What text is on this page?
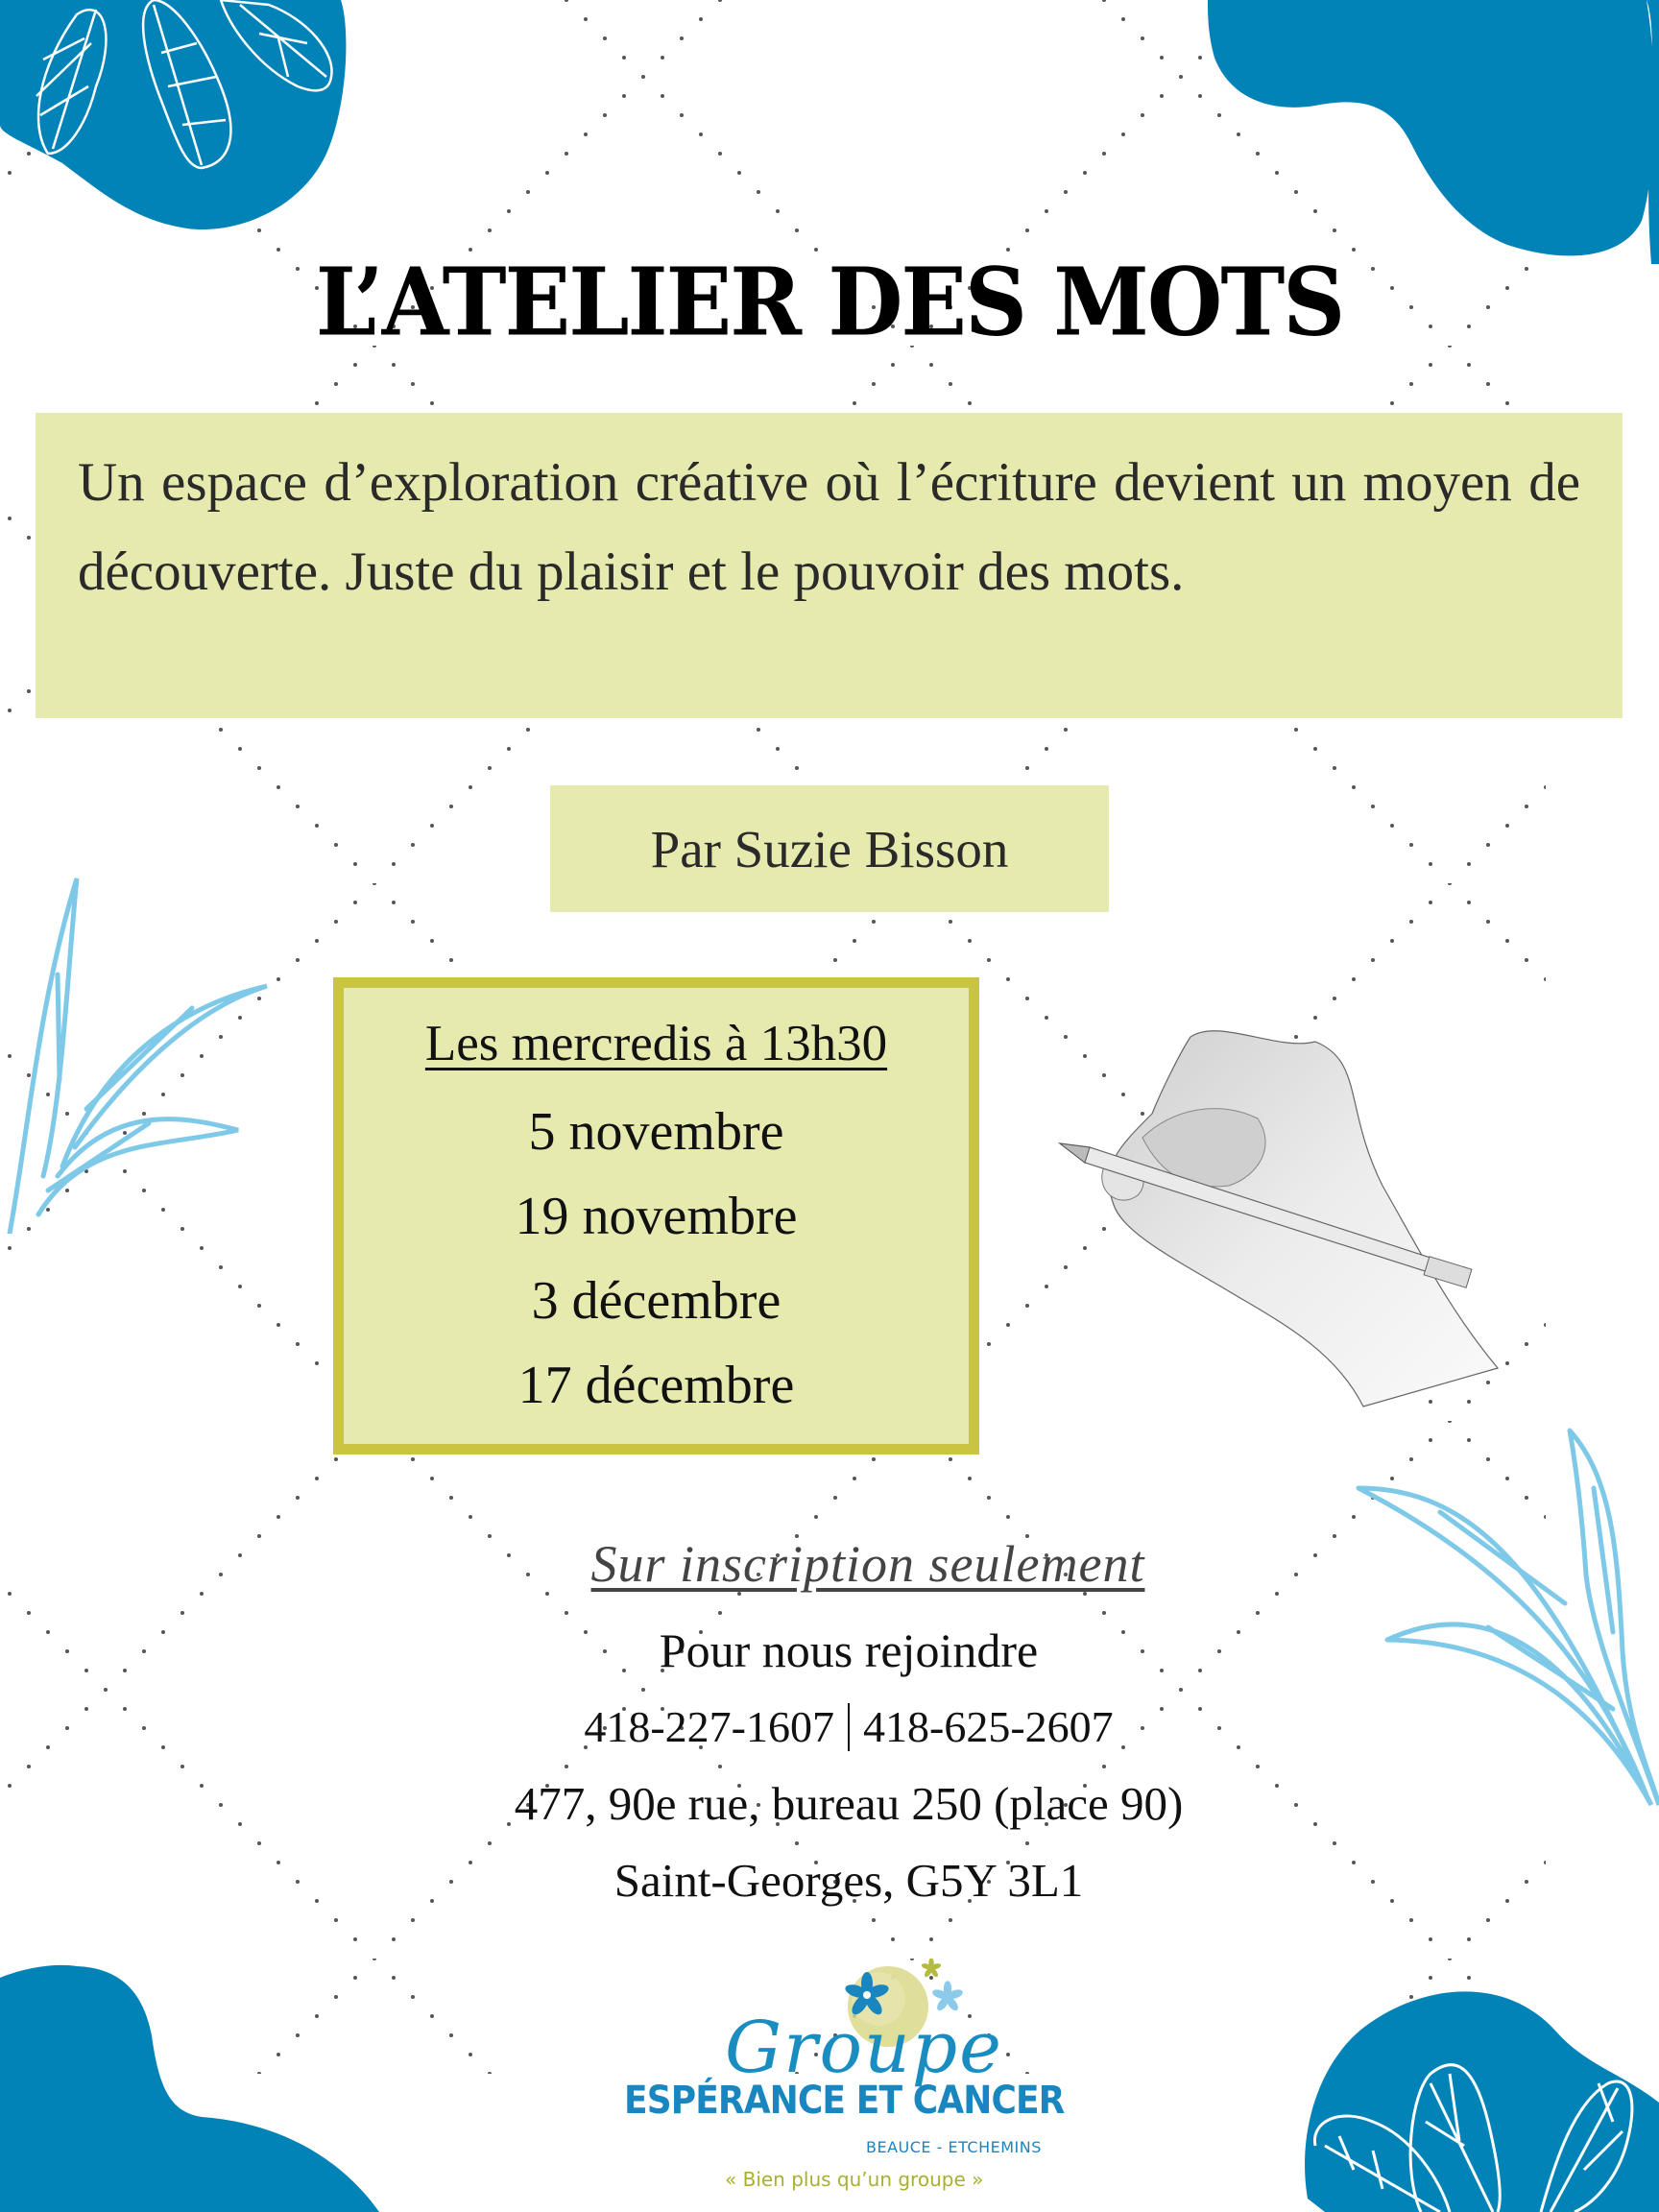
L’ATELIER DES MOTS
Un espace d’exploration créative où l’écriture devient un moyen de découverte. Juste du plaisir et le pouvoir des mots.
Par Suzie Bisson
Les mercredis à 13h30
5 novembre
19 novembre
3 décembre
17 décembre
Sur inscription seulement
Pour nous rejoindre
418-227-1607 418-625-2607
477, 90e rue, bureau 250 (place 90)
Saint-Georges, G5Y 3L1
Groupe
ESPÉRANCE ET CANCER
BEAUCE - ETCHEMINS
« Bien plus qu’un groupe »
